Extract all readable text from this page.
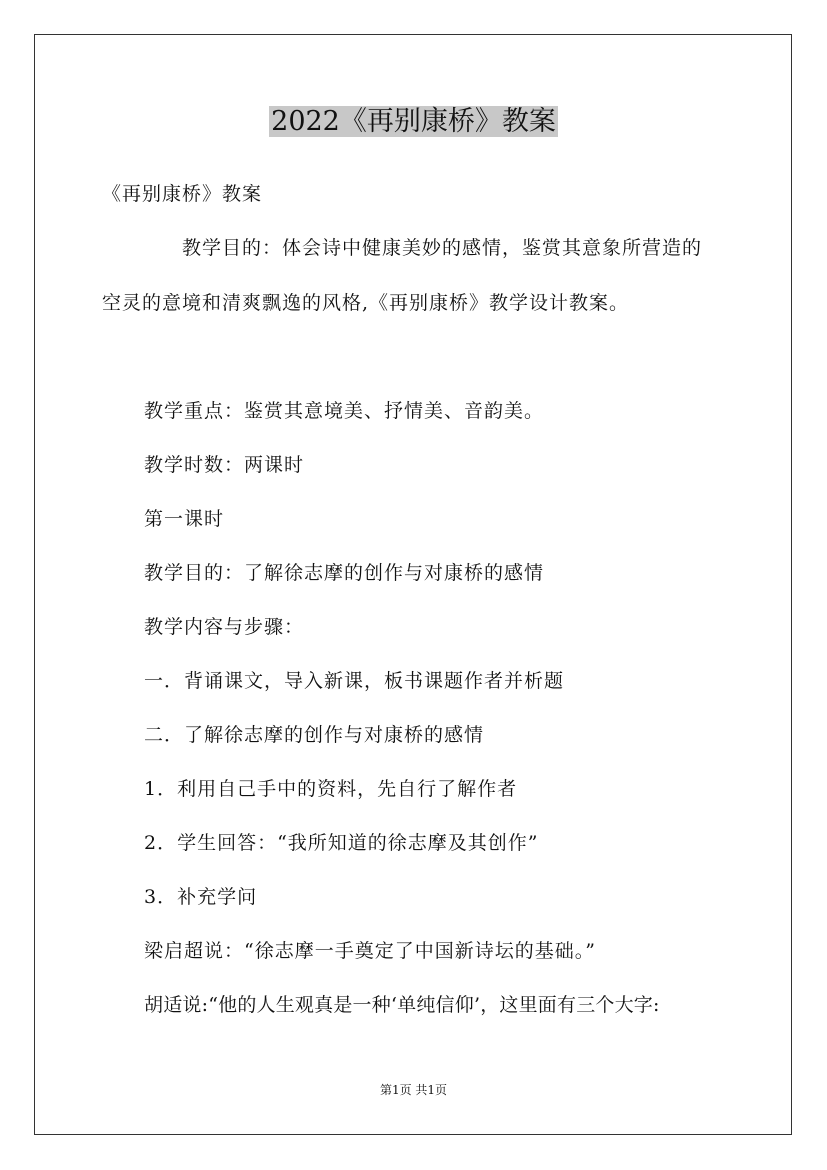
2022《再别康桥》教案

《再别康桥》教案

教学目的：体会诗中健康美妙的感情，鉴赏其意象所营造的

空灵的意境和清爽飘逸的风格,《再别康桥》教学设计教案。

教学重点：鉴赏其意境美、抒情美、音韵美。

教学时数：两课时

第一课时

教学目的：了解徐志摩的创作与对康桥的感情

教学内容与步骤：

一．背诵课文，导入新课，板书课题作者并析题

二．了解徐志摩的创作与对康桥的感情

1．利用自己手中的资料，先自行了解作者

2．学生回答：“我所知道的徐志摩及其创作”

3．补充学问

梁启超说：“徐志摩一手奠定了中国新诗坛的基础。”

胡适说:“他的人生观真是一种‘单纯信仰’，这里面有三个大字:

第1页 共1页
